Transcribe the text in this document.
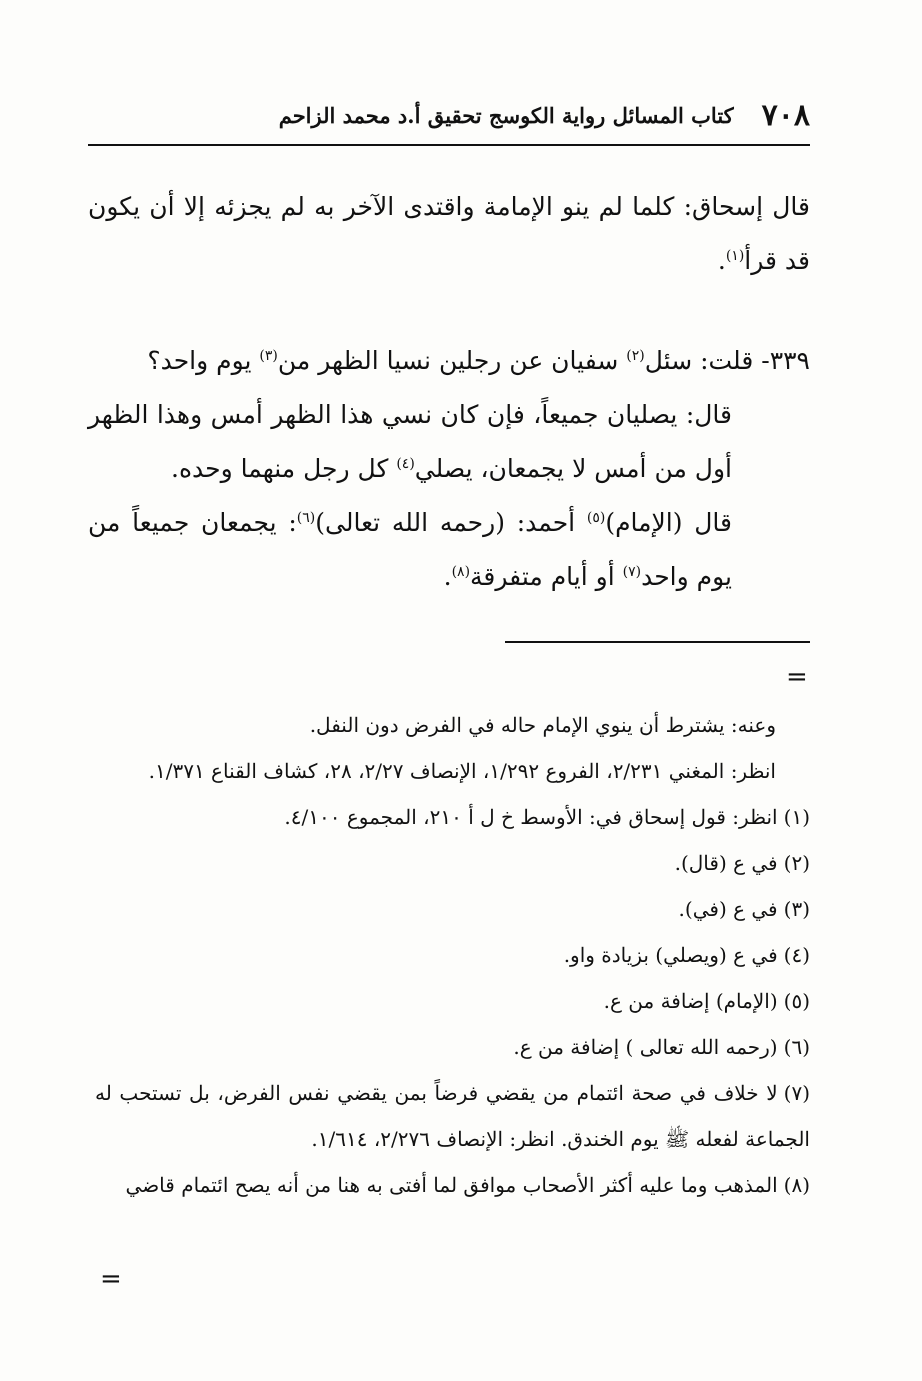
٧٠٨
كتاب المسائل رواية الكوسج تحقيق أ.د محمد الزاحم

قال إسحاق: كلما لم ينو الإمامة واقتدى الآخر به لم يجزئه إلا أن يكون قد قرأ$^{(١)}$.

٣٣٩- قلت: سئل$^{(٢)}$ سفيان عن رجلين نسيا الظهر من$^{(٣)}$ يوم واحد؟

قال: يصليان جميعاً، فإن كان نسي هذا الظهر أمس وهذا الظهر أول من أمس لا يجمعان، يصلي$^{(٤)}$ كل رجل منهما وحده.

قال (الإمام)$^{(٥)}$ أحمد: (رحمه الله تعالى)$^{(٦)}$: يجمعان جميعاً من يوم واحد$^{(٧)}$ أو أيام متفرقة$^{(٨)}$.

=

وعنه: يشترط أن ينوي الإمام حاله في الفرض دون النفل.

انظر: المغني ٢/٢٣١، الفروع ١/٢٩٢، الإنصاف ٢/٢٧، ٢٨، كشاف القناع ١/٣٧١.

(١)انظر: قول إسحاق في: الأوسط خ ل أ ٢١٠، المجموع ٤/١٠٠.

(٢)في ع (قال).

(٣)في ع (في).

(٤)في ع (ويصلي) بزيادة واو.

(٥)(الإمام) إضافة من ع.

(٦)(رحمه الله تعالى ) إضافة من ع.

(٧)لا خلاف في صحة ائتمام من يقضي فرضاً بمن يقضي نفس الفرض، بل تستحب له الجماعة لفعله ﷺ يوم الخندق. انظر: الإنصاف ٢/٢٧٦، ١/٦١٤.

(٨)المذهب وما عليه أكثر الأصحاب موافق لما أفتى به هنا من أنه يصح ائتمام قاضي

=
